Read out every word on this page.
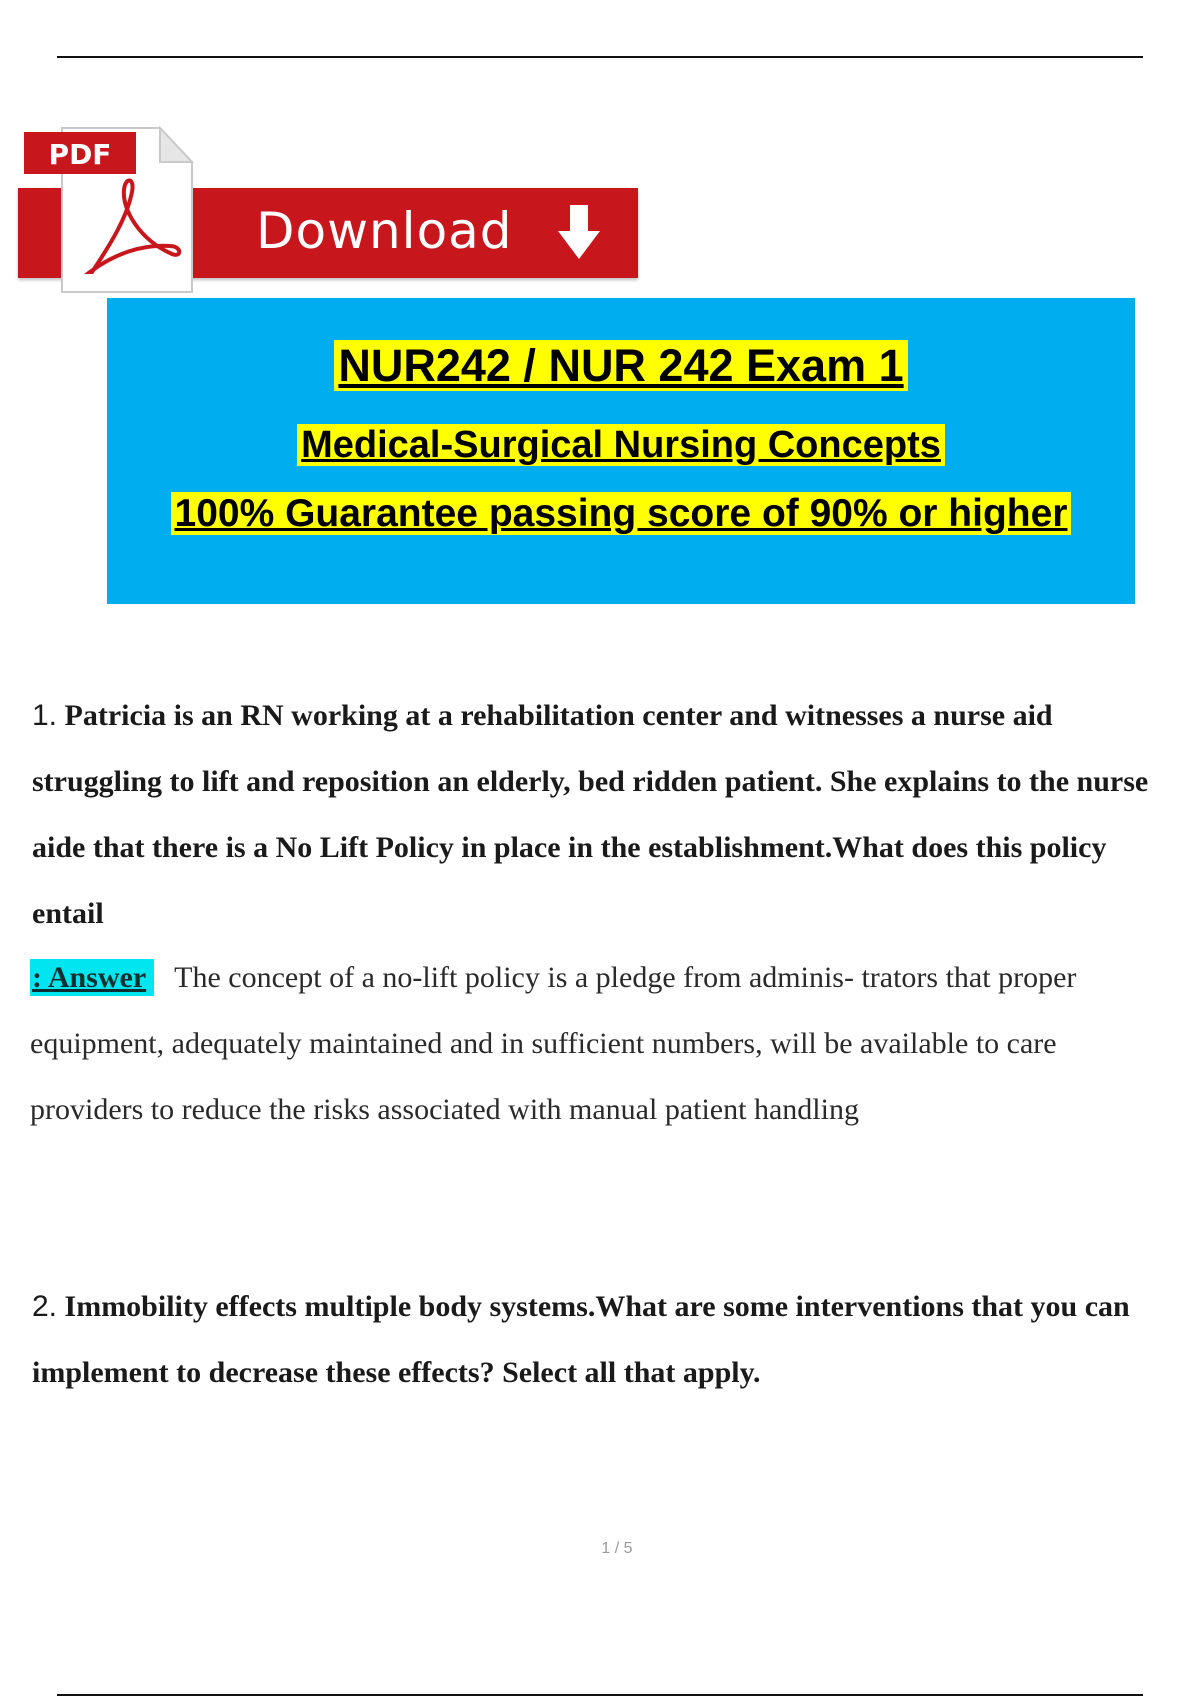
Download
PDF
NUR242 / NUR 242 Exam 1
Medical-Surgical Nursing Concepts
100% Guarantee passing score of 90% or higher

1. Patricia is an RN working at a rehabilitation center and witnesses a nurse aid struggling to lift and reposition an elderly, bed ridden patient. She explains to the nurse aide that there is a No Lift Policy in place in the establishment.What does this policy entail

: Answer The concept of a no-lift policy is a pledge from adminis- trators that proper equipment, adequately maintained and in sufficient numbers, will be available to care providers to reduce the risks associated with manual patient handling

2. Immobility effects multiple body systems.What are some interventions that you can implement to decrease these effects? Select all that apply.

1 / 5
